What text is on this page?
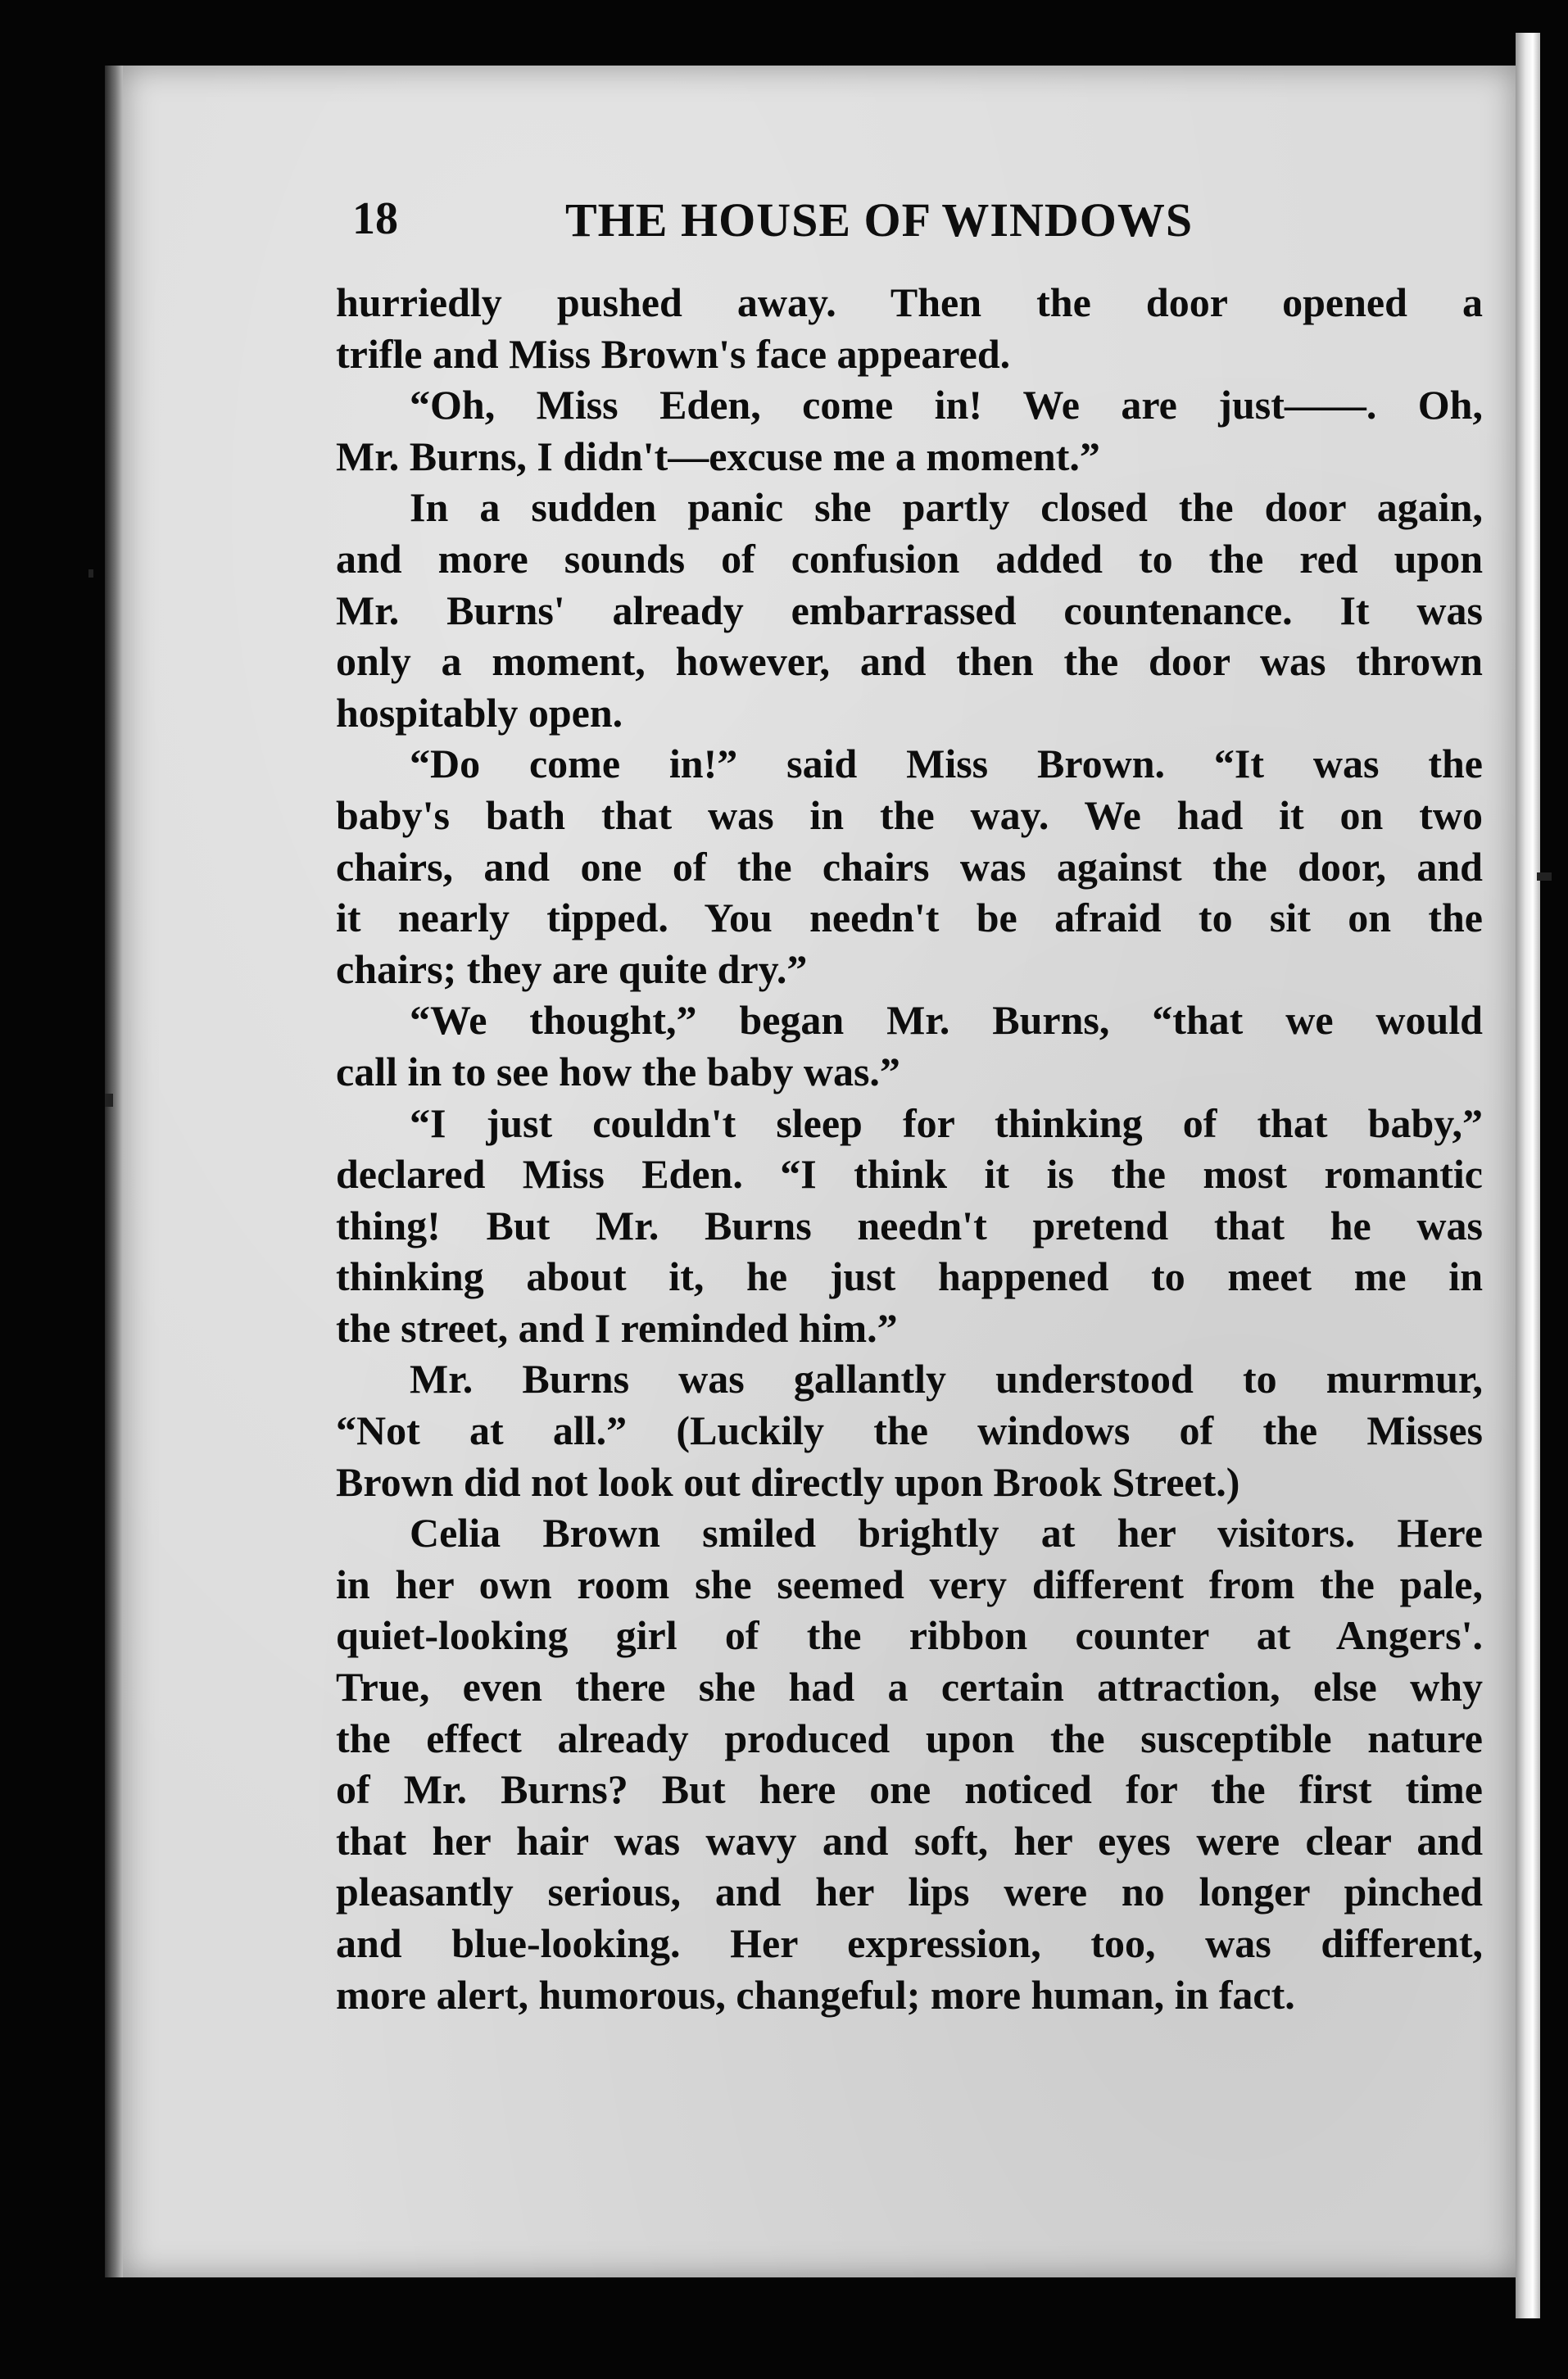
18	THE HOUSE OF WINDOWS
hurriedly pushed away. Then the door opened a
trifle and Miss Brown's face appeared.
“Oh, Miss Eden, come in! We are just——. Oh,
Mr. Burns, I didn't—excuse me a moment.”
In a sudden panic she partly closed the door again,
and more sounds of confusion added to the red upon
Mr. Burns' already embarrassed countenance. It was
only a moment, however, and then the door was thrown
hospitably open.
“Do come in!” said Miss Brown. “It was the
baby's bath that was in the way. We had it on two
chairs, and one of the chairs was against the door, and
it nearly tipped. You needn't be afraid to sit on the
chairs; they are quite dry.”
“We thought,” began Mr. Burns, “that we would
call in to see how the baby was.”
“I just couldn't sleep for thinking of that baby,”
declared Miss Eden. “I think it is the most romantic
thing! But Mr. Burns needn't pretend that he was
thinking about it, he just happened to meet me in
the street, and I reminded him.”
Mr. Burns was gallantly understood to murmur,
“Not at all.” (Luckily the windows of the Misses
Brown did not look out directly upon Brook Street.)
Celia Brown smiled brightly at her visitors. Here
in her own room she seemed very different from the pale,
quiet-looking girl of the ribbon counter at Angers'.
True, even there she had a certain attraction, else why
the effect already produced upon the susceptible nature
of Mr. Burns? But here one noticed for the first time
that her hair was wavy and soft, her eyes were clear and
pleasantly serious, and her lips were no longer pinched
and blue-looking. Her expression, too, was different,
more alert, humorous, changeful; more human, in fact.
